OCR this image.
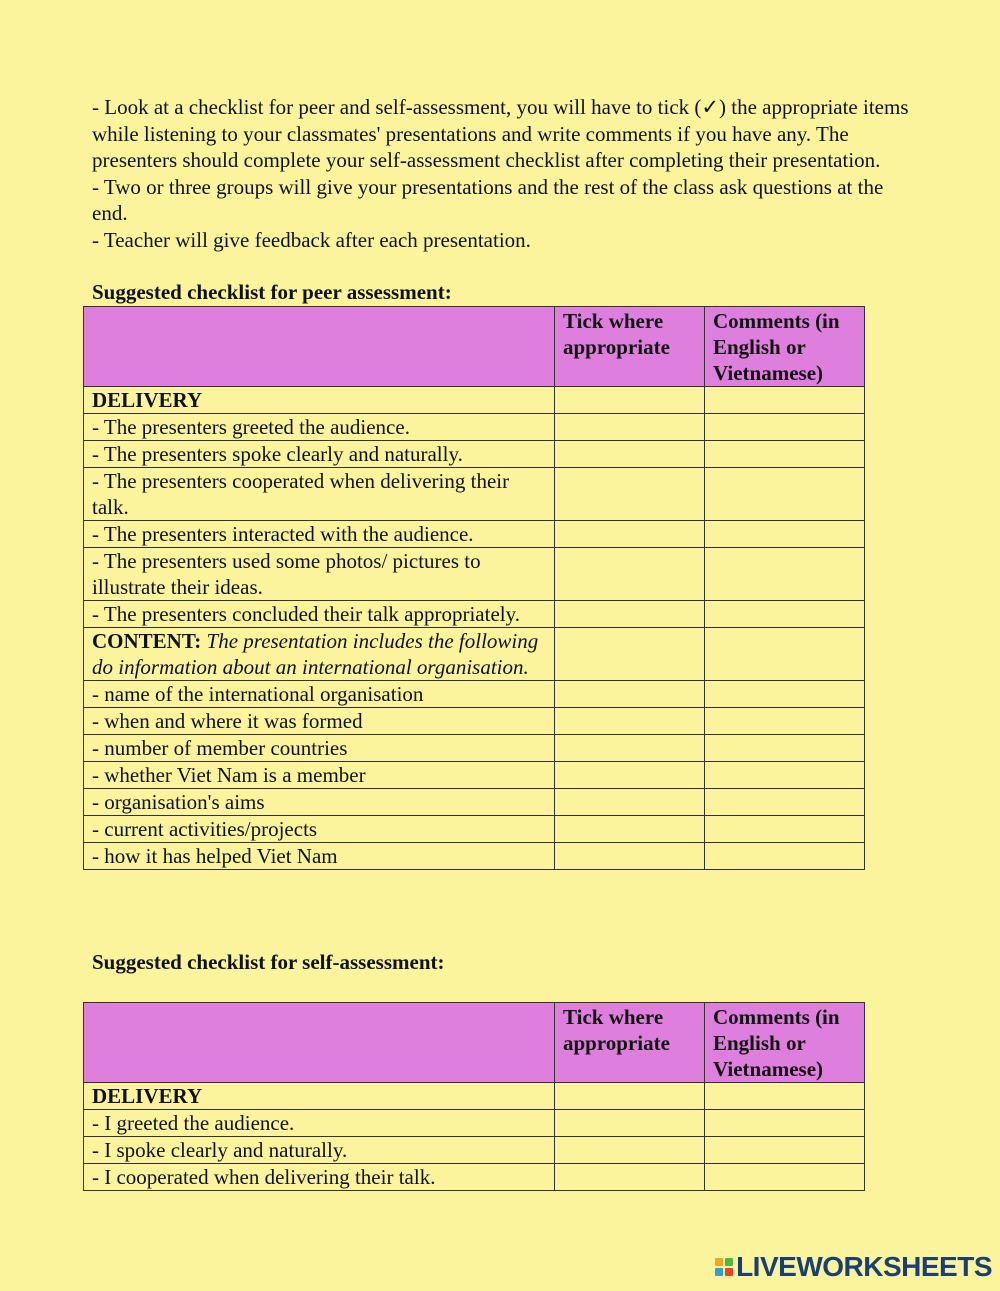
- Look at a checklist for peer and self-assessment, you will have to tick (✓) the appropriate items while listening to your classmates' presentations and write comments if you have any. The presenters should complete your self-assessment checklist after completing their presentation.

- Two or three groups will give your presentations and the rest of the class ask questions at the end.

- Teacher will give feedback after each presentation.

Suggested checklist for peer assessment:
	Tick where appropriate	Comments (in English or Vietnamese)
DELIVERY		
- The presenters greeted the audience.		
- The presenters spoke clearly and naturally.		
- The presenters cooperated when delivering their talk.		
- The presenters interacted with the audience.		
- The presenters used some photos/ pictures to illustrate their ideas.		
- The presenters concluded their talk appropriately.		
CONTENT: The presentation includes the following do information about an international organisation.		
- name of the international organisation		
- when and where it was formed		
- number of member countries		
- whether Viet Nam is a member		
- organisation's aims		
- current activities/projects		
- how it has helped Viet Nam		
Suggested checklist for self-assessment:
	Tick where appropriate	Comments (in English or Vietnamese)
DELIVERY		
- I greeted the audience.		
- I spoke clearly and naturally.		
- I cooperated when delivering their talk.		
LIVEWORKSHEETS
